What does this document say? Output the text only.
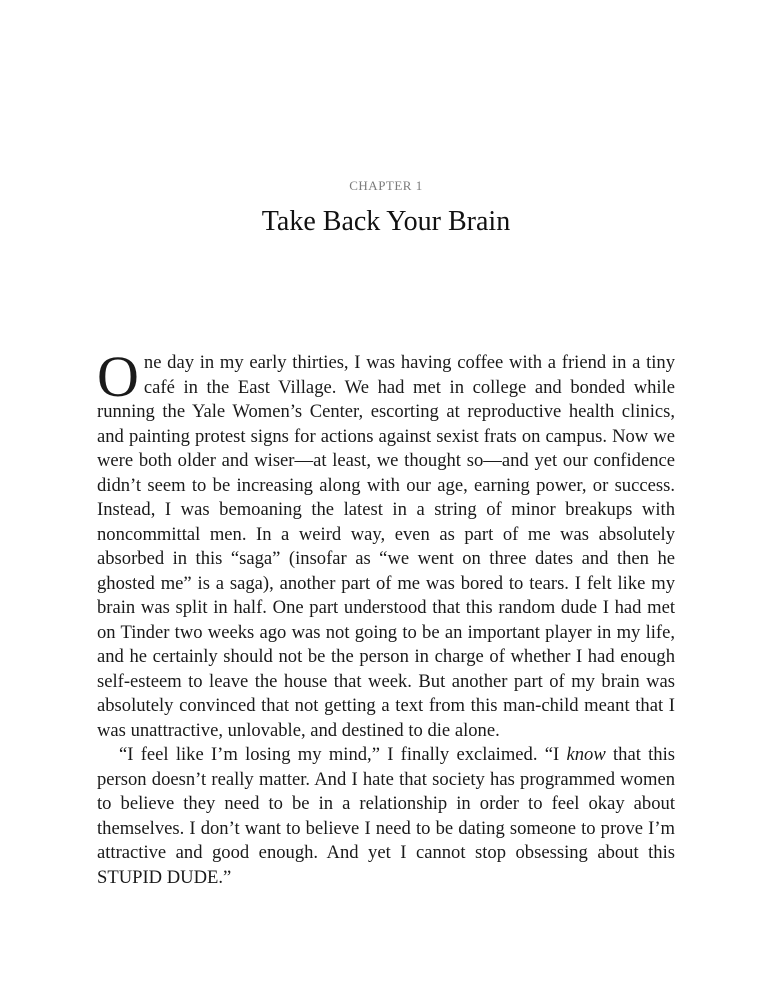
CHAPTER 1
Take Back Your Brain

One day in my early thirties, I was having coffee with a friend in a tiny café in the East Village. We had met in college and bonded while running the Yale Women’s Center, escorting at reproductive health clinics, and painting protest signs for actions against sexist frats on campus. Now we were both older and wiser—at least, we thought so—and yet our confidence didn’t seem to be increasing along with our age, earning power, or success. Instead, I was bemoaning the latest in a string of minor breakups with noncommittal men. In a weird way, even as part of me was absolutely absorbed in this “saga” (insofar as “we went on three dates and then he ghosted me” is a saga), another part of me was bored to tears. I felt like my brain was split in half. One part understood that this random dude I had met on Tinder two weeks ago was not going to be an important player in my life, and he certainly should not be the person in charge of whether I had enough self-esteem to leave the house that week. But another part of my brain was absolutely convinced that not getting a text from this man-child meant that I was unattractive, unlovable, and destined to die alone.

“I feel like I’m losing my mind,” I finally exclaimed. “I know that this person doesn’t really matter. And I hate that society has programmed women to believe they need to be in a relationship in order to feel okay about themselves. I don’t want to believe I need to be dating someone to prove I’m attractive and good enough. And yet I cannot stop obsessing about this STUPID DUDE.”
